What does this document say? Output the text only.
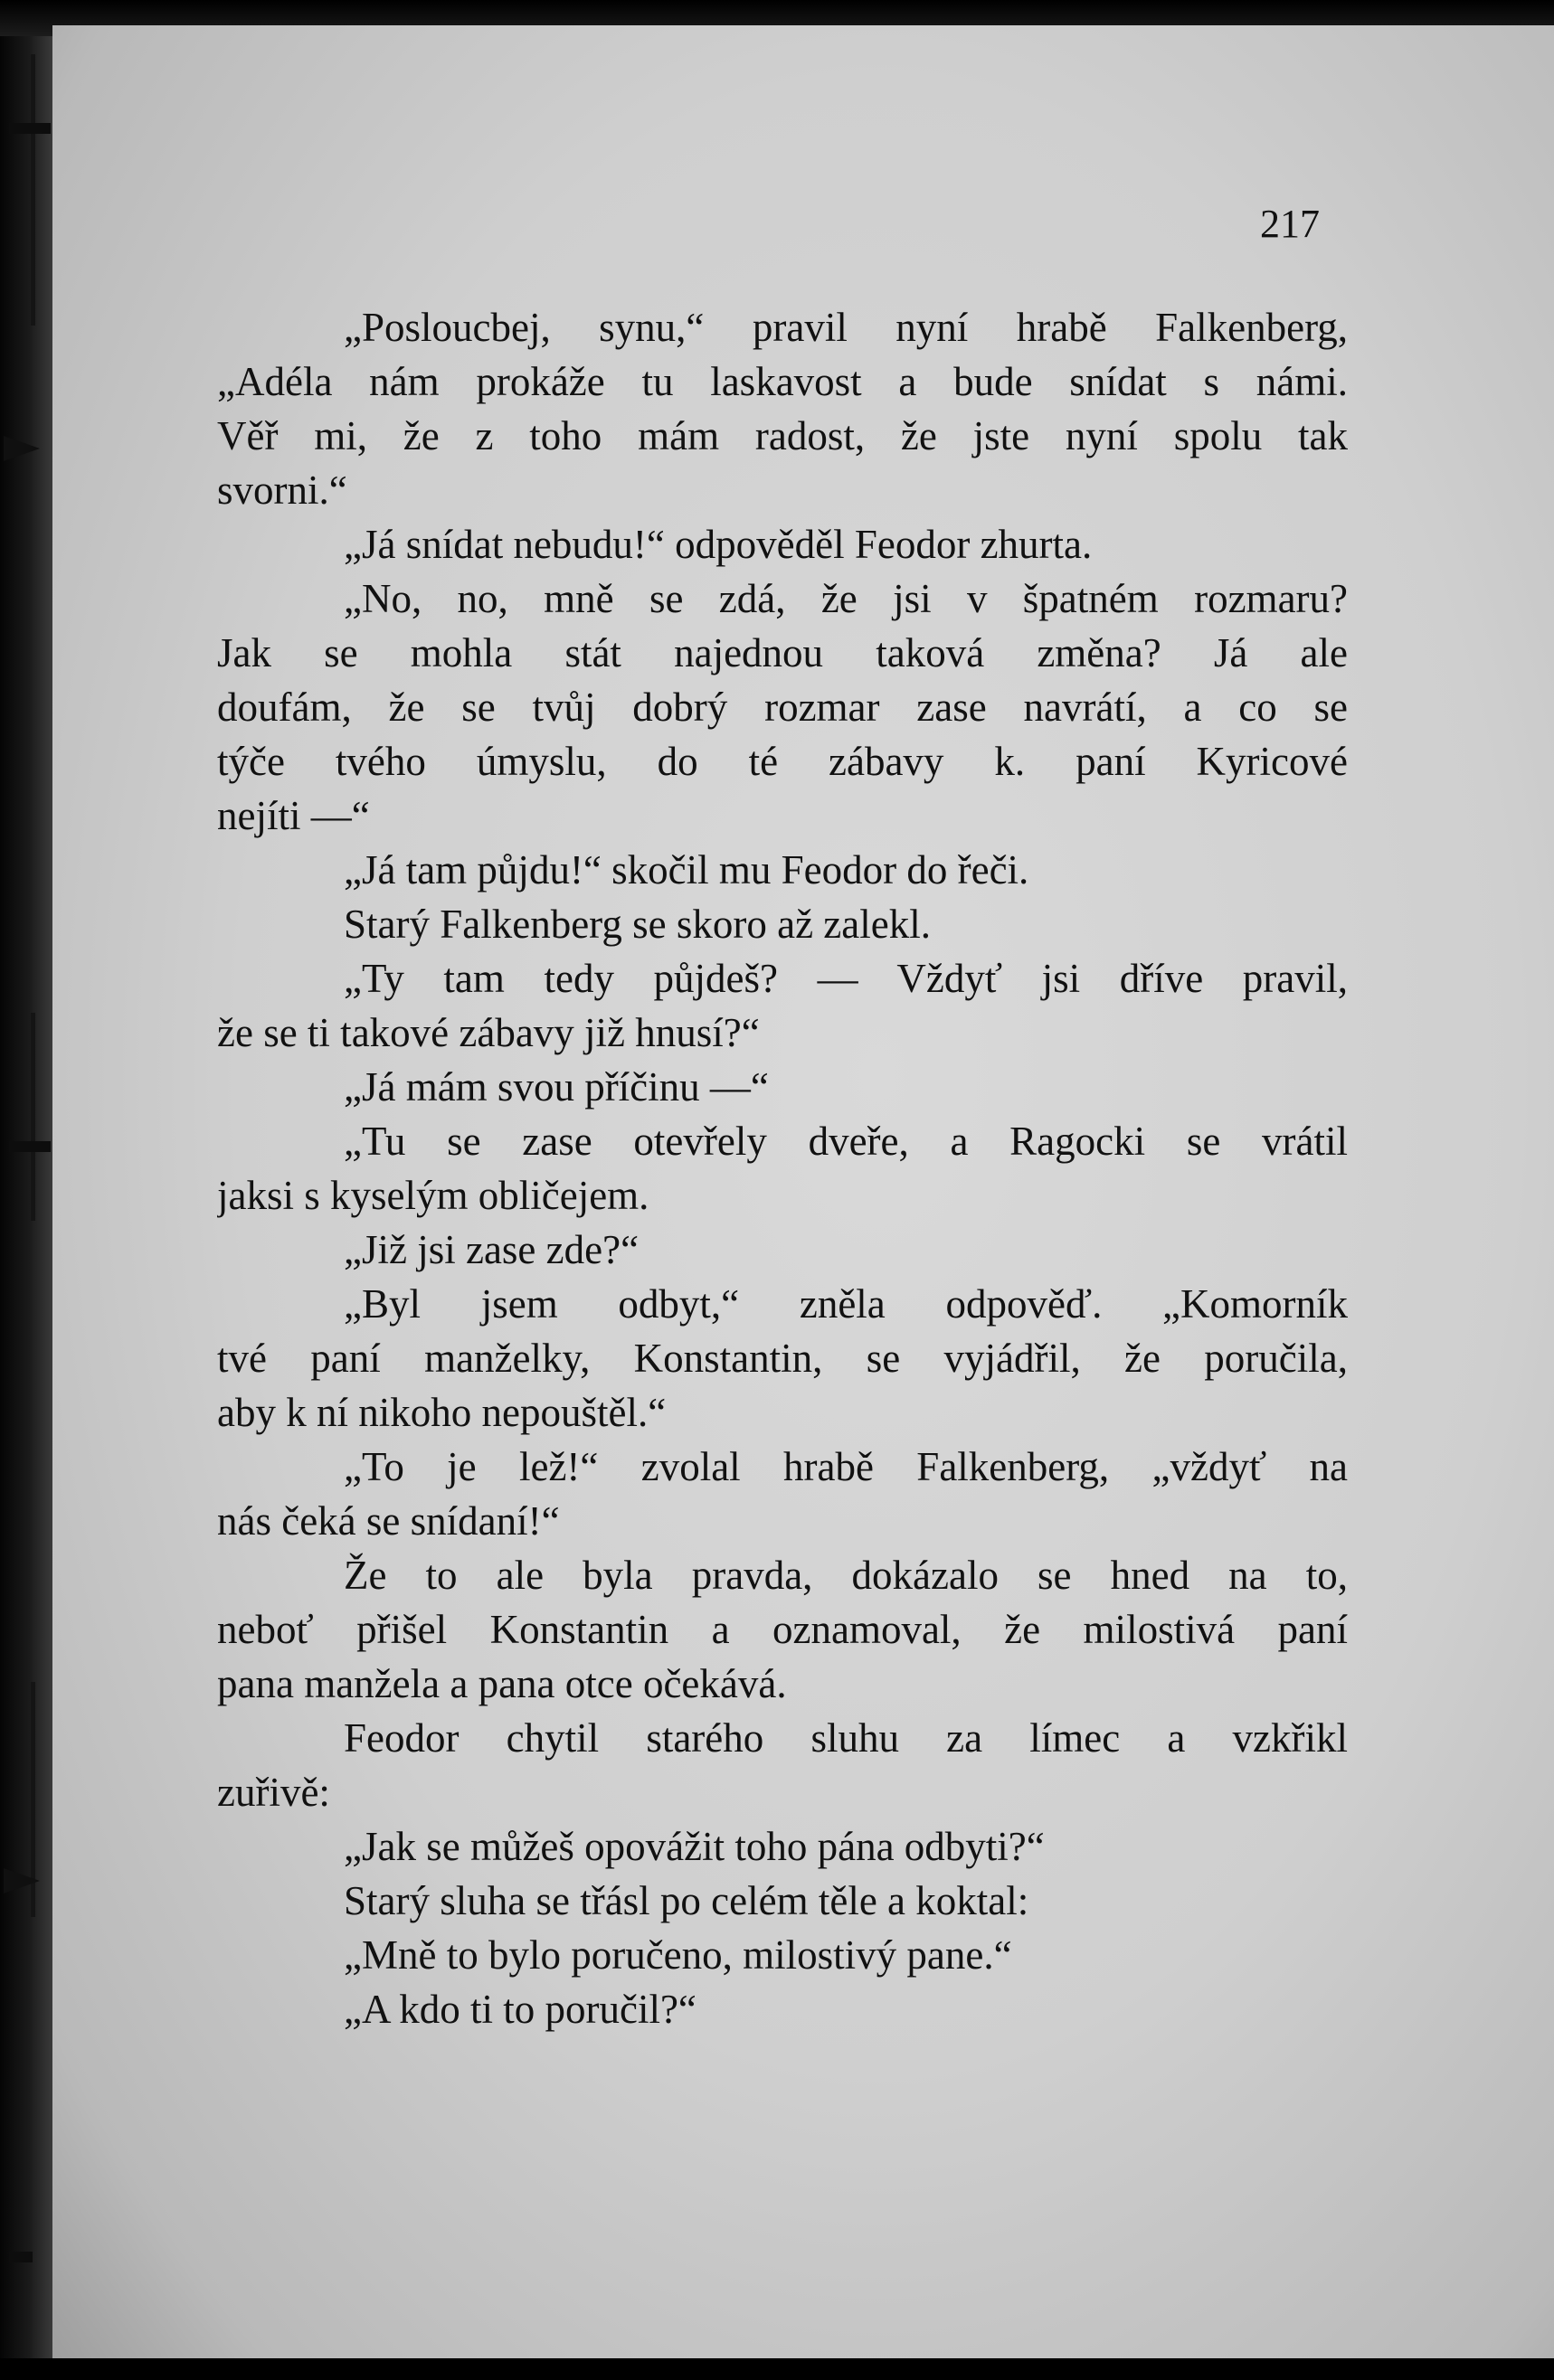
217
„Posloucbej, synu,“ pravil nyní hrabě Falkenberg,
„Adéla nám prokáže tu laskavost a bude snídat s námi.
Věř mi, že z toho mám radost, že jste nyní spolu tak
svorni.“
„Já snídat nebudu!“ odpověděl Feodor zhurta.
„No, no, mně se zdá, že jsi v špatném rozmaru?
Jak se mohla stát najednou taková změna? Já ale
doufám, že se tvůj dobrý rozmar zase navrátí, a co se
týče tvého úmyslu, do té zábavy k. paní Kyricové
nejíti —“
„Já tam půjdu!“ skočil mu Feodor do řeči.
Starý Falkenberg se skoro až zalekl.
„Ty tam tedy půjdeš? — Vždyť jsi dříve pravil,
že se ti takové zábavy již hnusí?“
„Já mám svou příčinu —“
„Tu se zase otevřely dveře, a Ragocki se vrátil
jaksi s kyselým obličejem.
„Již jsi zase zde?“
„Byl jsem odbyt,“ zněla odpověď. „Komorník
tvé paní manželky, Konstantin, se vyjádřil, že poručila,
aby k ní nikoho nepouštěl.“
„To je lež!“ zvolal hrabě Falkenberg, „vždyť na
nás čeká se snídaní!“
Že to ale byla pravda, dokázalo se hned na to,
neboť přišel Konstantin a oznamoval, že milostivá paní
pana manžela a pana otce očekává.
Feodor chytil starého sluhu za límec a vzkřikl
zuřivě:
„Jak se můžeš opovážit toho pána odbyti?“
Starý sluha se třásl po celém těle a koktal:
„Mně to bylo poručeno, milostivý pane.“
„A kdo ti to poručil?“
